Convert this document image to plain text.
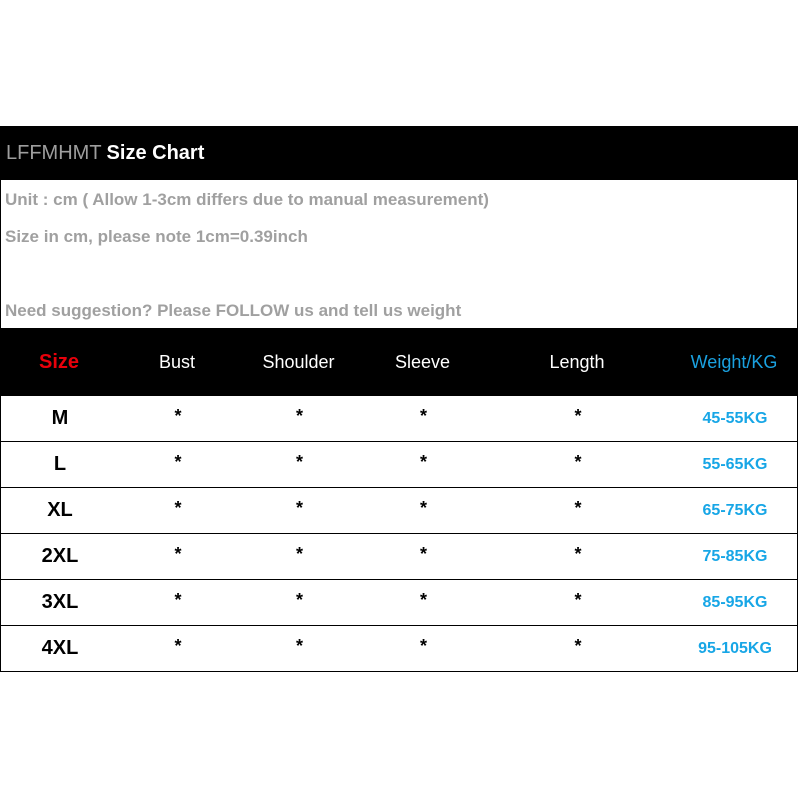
LFFMHMT Size Chart
Unit : cm ( Allow 1-3cm differs due to manual measurement)
Size in cm, please note 1cm=0.39inch
Need suggestion? Please FOLLOW us and tell us weight
Size	Bust	Shoulder	Sleeve	Length	Weight/KG
M	*	*	*	*	45-55KG
L	*	*	*	*	55-65KG
XL	*	*	*	*	65-75KG
2XL	*	*	*	*	75-85KG
3XL	*	*	*	*	85-95KG
4XL	*	*	*	*	95-105KG
